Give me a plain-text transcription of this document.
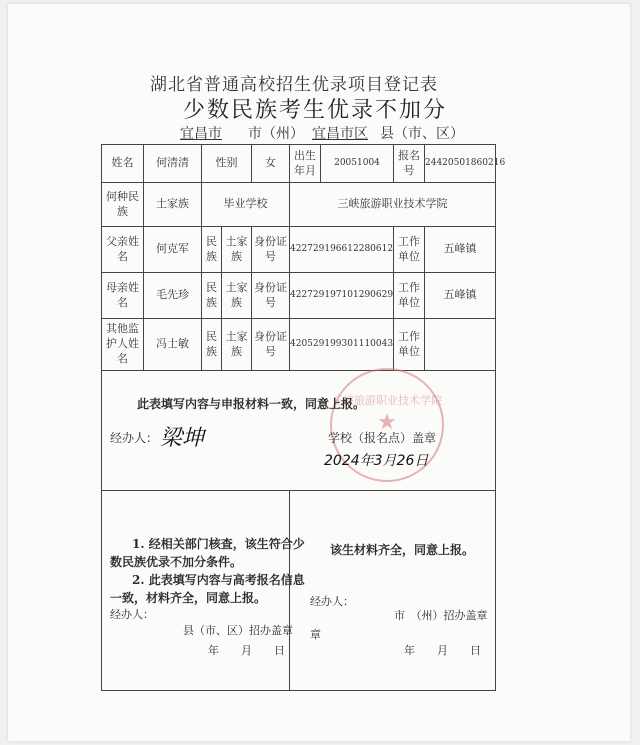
湖北省普通高校招生优录项目登记表
少数民族考生优录不加分
宜昌市 市（州） 宜昌市区 县（市、区）
姓名	何清清	性别		女	出生年月	20051004	报名号	24420501860216
何种民族	土家族	毕业学校			三峡旅游职业技术学院			
父亲姓名	何克军	民族	土家族	身份证号	422729196612280612		工作单位	五峰镇
母亲姓名	毛先珍	民族	土家族	身份证号	422729197101290629		工作单位	五峰镇
其他监护人姓名	冯士敏	民族	土家族	身份证号	420529199301110043		工作单位	

三峡旅游职业技术学院
★
此表填写内容与申报材料一致，同意上报。
经办人： 梁坤	学校（报名点）盖章
2024年3月26日
1. 经相关部门核查，该生符合少
数民族优录不加分条件。
2. 此表填写内容与高考报名信息
一致，材料齐全，同意上报。
经办人：
县（市、区）招办盖章
年　　月　　日
该生材料齐全，同意上报。
经办人：
市　（州）招办盖章
章
年　　月　　日
